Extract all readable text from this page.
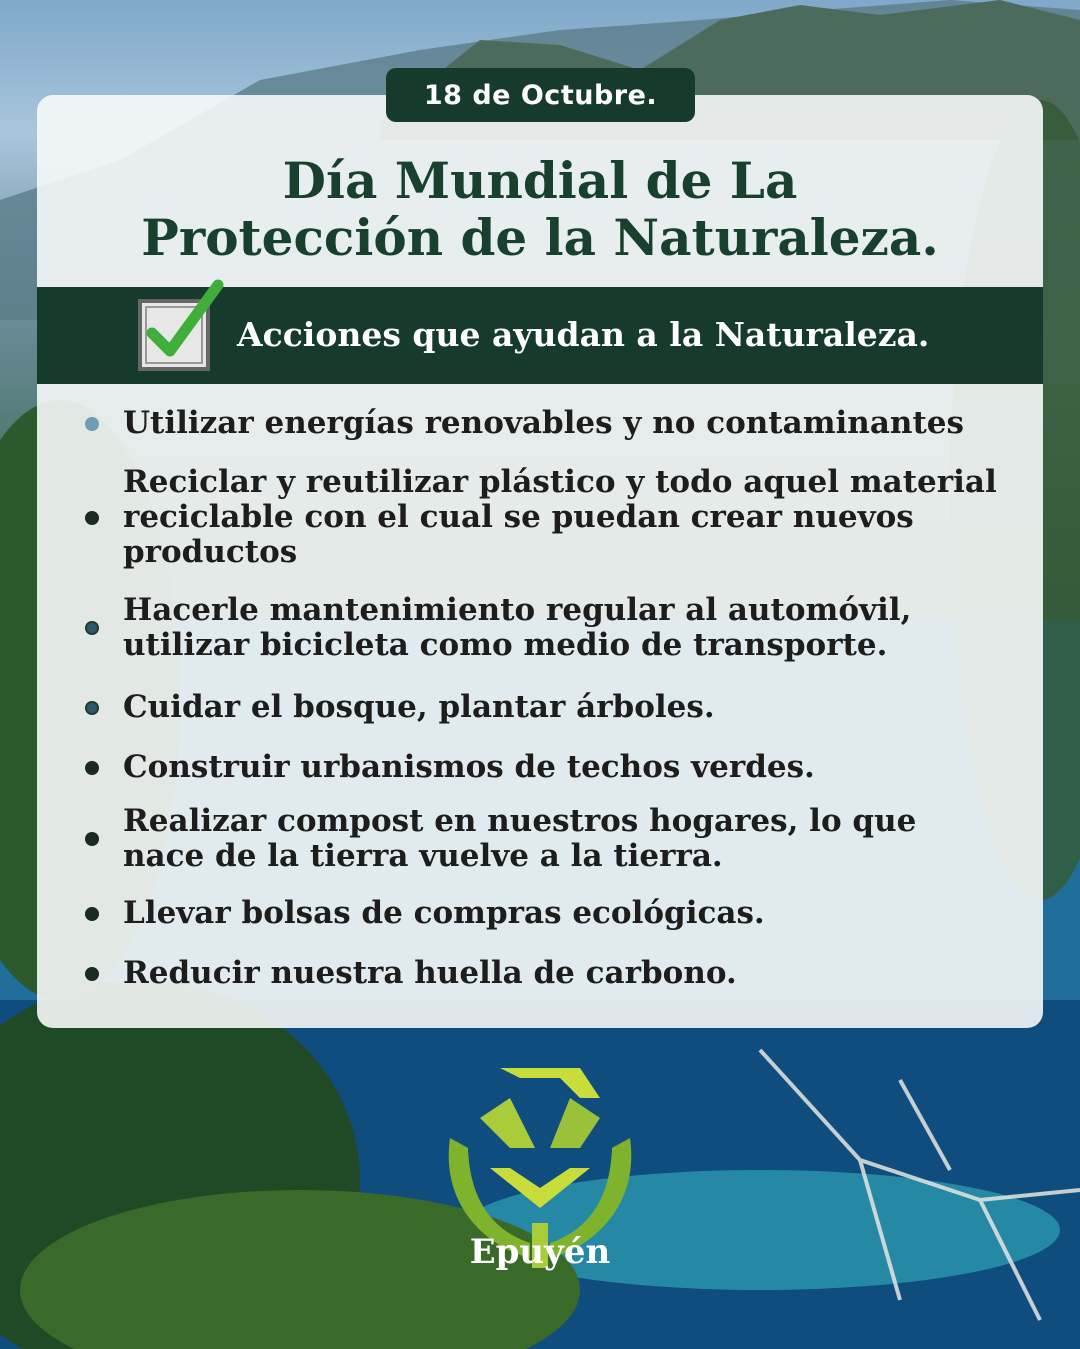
18 de Octubre.
Día Mundial de La
Protección de la Naturaleza.
Acciones que ayudan a la Naturaleza.
Utilizar energías renovables y no contaminantes
Reciclar y reutilizar plástico y todo aquel material
reciclable con el cual se puedan crear nuevos
productos
Hacerle mantenimiento regular al automóvil,
utilizar bicicleta como medio de transporte.
Cuidar el bosque, plantar árboles.
Construir urbanismos de techos verdes.
Realizar compost en nuestros hogares, lo que
nace de la tierra vuelve a la tierra.
Llevar bolsas de compras ecológicas.
Reducir nuestra huella de carbono.
Epuyén
